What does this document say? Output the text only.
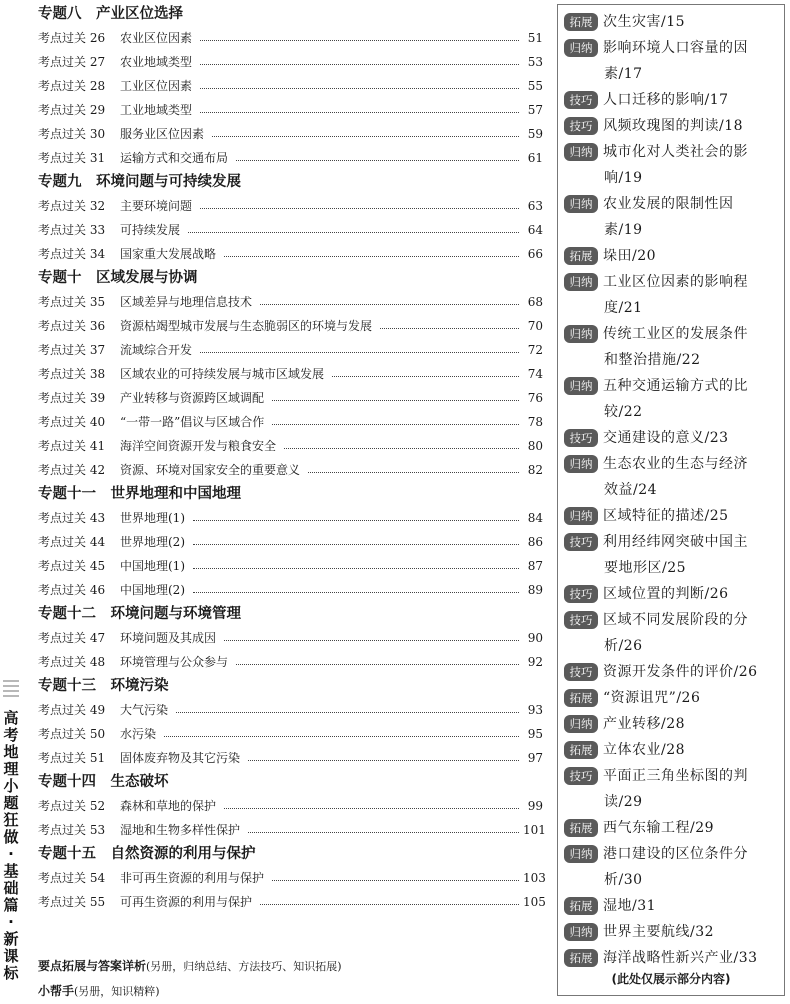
高考地理 小题狂做·基础篇·新课标
专题八　产业区位选择
考点过关 26	农业区位因素	51
考点过关 27	农业地域类型	53
考点过关 28	工业区位因素	55
考点过关 29	工业地域类型	57
考点过关 30	服务业区位因素	59
考点过关 31	运输方式和交通布局	61
专题九　环境问题与可持续发展
考点过关 32	主要环境问题	63
考点过关 33	可持续发展	64
考点过关 34	国家重大发展战略	66
专题十　区域发展与协调
考点过关 35	区域差异与地理信息技术	68
考点过关 36	资源枯竭型城市发展与生态脆弱区的环境与发展	70
考点过关 37	流域综合开发	72
考点过关 38	区域农业的可持续发展与城市区域发展	74
考点过关 39	产业转移与资源跨区域调配	76
考点过关 40	“一带一路”倡议与区域合作	78
考点过关 41	海洋空间资源开发与粮食安全	80
考点过关 42	资源、环境对国家安全的重要意义	82
专题十一　世界地理和中国地理
考点过关 43	世界地理(1)	84
考点过关 44	世界地理(2)	86
考点过关 45	中国地理(1)	87
考点过关 46	中国地理(2)	89
专题十二　环境问题与环境管理
考点过关 47	环境问题及其成因	90
考点过关 48	环境管理与公众参与	92
专题十三　环境污染
考点过关 49	大气污染	93
考点过关 50	水污染	95
考点过关 51	固体废弃物及其它污染	97
专题十四　生态破坏
考点过关 52	森林和草地的保护	99
考点过关 53	湿地和生物多样性保护	101
专题十五　自然资源的利用与保护
考点过关 54	非可再生资源的利用与保护	103
考点过关 55	可再生资源的利用与保护	105
要点拓展与答案详析(另册，归纳总结、方法技巧、知识拓展)
小帮手(另册，知识精粹)
(此处仅展示部分内容)
拓展 次生灾害/15
归纳 影响环境人口容量的因
素/17
技巧 人口迁移的影响/17
技巧 风频玫瑰图的判读/18
归纳 城市化对人类社会的影
响/19
归纳 农业发展的限制性因
素/19
拓展 垛田/20
归纳 工业区位因素的影响程
度/21
归纳 传统工业区的发展条件
和整治措施/22
归纳 五种交通运输方式的比
较/22
技巧 交通建设的意义/23
归纳 生态农业的生态与经济
效益/24
归纳 区域特征的描述/25
技巧 利用经纬网突破中国主
要地形区/25
技巧 区域位置的判断/26
技巧 区域不同发展阶段的分
析/26
技巧 资源开发条件的评价/26
拓展 “资源诅咒”/26
归纳 产业转移/28
拓展 立体农业/28
技巧 平面正三角坐标图的判
读/29
拓展 西气东输工程/29
归纳 港口建设的区位条件分
析/30
拓展 湿地/31
归纳 世界主要航线/32
拓展 海洋战略性新兴产业/33
